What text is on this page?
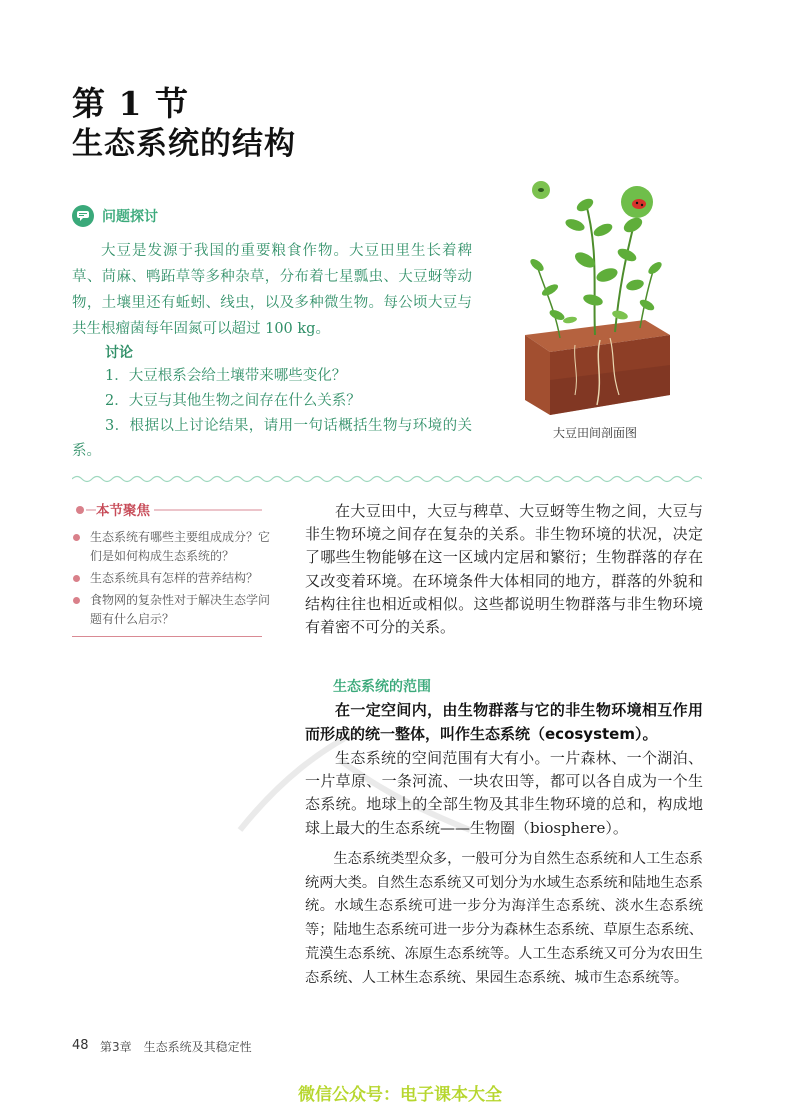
第 1 节
生态系统的结构
问题探讨
大豆是发源于我国的重要粮食作物。大豆田里生长着稗草、苘麻、鸭跖草等多种杂草，分布着七星瓢虫、大豆蚜等动物，土壤里还有蚯蚓、线虫，以及多种微生物。每公顷大豆与共生根瘤菌每年固氮可以超过 100 kg。
讨论
1．大豆根系会给土壤带来哪些变化？
2．大豆与其他生物之间存在什么关系？
3．根据以上讨论结果，请用一句话概括生物与环境的关系。
大豆田间剖面图
本节聚焦
生态系统有哪些主要组成成分？它们是如何构成生态系统的？
生态系统具有怎样的营养结构？
食物网的复杂性对于解决生态学问题有什么启示？
在大豆田中，大豆与稗草、大豆蚜等生物之间，大豆与非生物环境之间存在复杂的关系。非生物环境的状况，决定了哪些生物能够在这一区域内定居和繁衍；生物群落的存在又改变着环境。在环境条件大体相同的地方，群落的外貌和结构往往也相近或相似。这些都说明生物群落与非生物环境有着密不可分的关系。
生态系统的范围
在一定空间内，由生物群落与它的非生物环境相互作用而形成的统一整体，叫作生态系统（ecosystem）。
生态系统的空间范围有大有小。一片森林、一个湖泊、一片草原、一条河流、一块农田等，都可以各自成为一个生态系统。地球上的全部生物及其非生物环境的总和，构成地球上最大的生态系统——生物圈（biosphere）。
生态系统类型众多，一般可分为自然生态系统和人工生态系统两大类。自然生态系统又可划分为水域生态系统和陆地生态系统。水域生态系统可进一步分为海洋生态系统、淡水生态系统等；陆地生态系统可进一步分为森林生态系统、草原生态系统、荒漠生态系统、冻原生态系统等。人工生态系统又可分为农田生态系统、人工林生态系统、果园生态系统、城市生态系统等。
48 第3章　生态系统及其稳定性
微信公众号：电子课本大全
